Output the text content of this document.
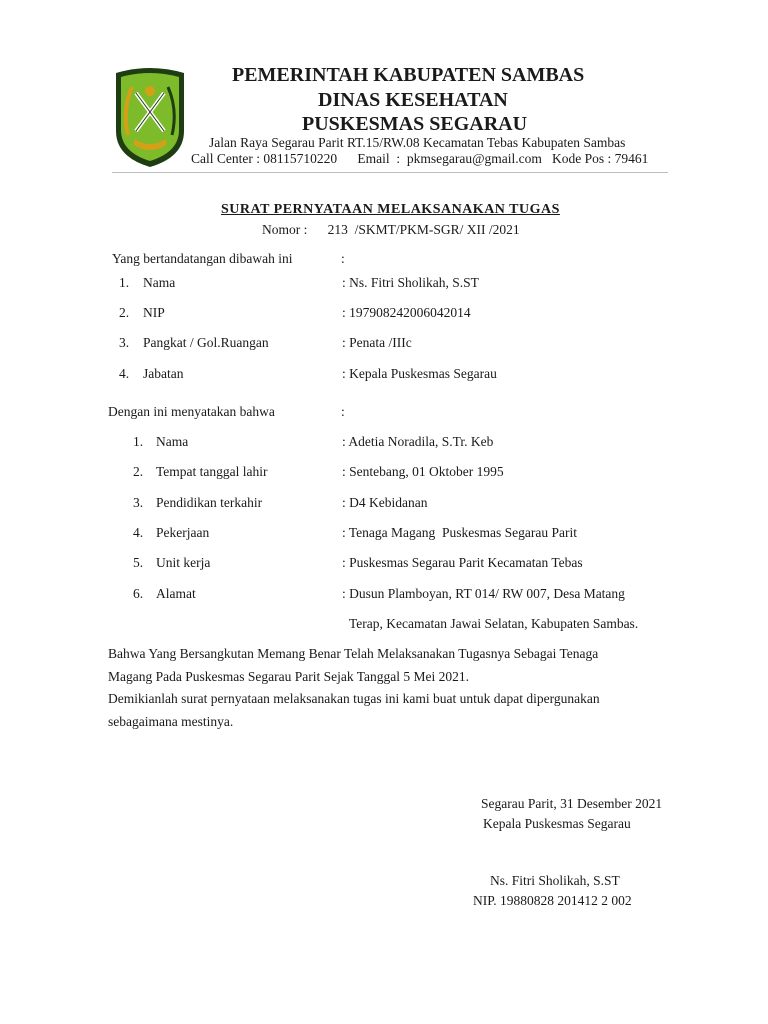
PEMERINTAH KABUPATEN SAMBAS
DINAS KESEHATAN
PUSKESMAS SEGARAU
Jalan Raya Segarau Parit RT.15/RW.08 Kecamatan Tebas Kabupaten Sambas
Call Center : 08115710220      Email  :  pkmsegarau@gmail.com   Kode Pos : 79461
SURAT PERNYATAAN MELAKSANAKAN TUGAS
Nomor :      213  /SKMT/PKM-SGR/ XII /2021
Yang bertandatangan dibawah ini	:
1. Nama	: Ns. Fitri Sholikah, S.ST
2. NIP	: 197908242006042014
3. Pangkat / Gol.Ruangan	: Penata /IIIc
4. Jabatan	: Kepala Puskesmas Segarau
Dengan ini menyatakan bahwa	:
1. Nama	: Adetia Noradila, S.Tr. Keb
2. Tempat tanggal lahir	: Sentebang, 01 Oktober 1995
3. Pendidikan terkahir	: D4 Kebidanan
4. Pekerjaan	: Tenaga Magang  Puskesmas Segarau Parit
5. Unit kerja	: Puskesmas Segarau Parit Kecamatan Tebas
6. Alamat	: Dusun Plamboyan, RT 014/ RW 007, Desa Matang
Terap, Kecamatan Jawai Selatan, Kabupaten Sambas.
Bahwa Yang Bersangkutan Memang Benar Telah Melaksanakan Tugasnya Sebagai Tenaga
Magang Pada Puskesmas Segarau Parit Sejak Tanggal 5 Mei 2021.
Demikianlah surat pernyataan melaksanakan tugas ini kami buat untuk dapat dipergunakan
sebagaimana mestinya.
Segarau Parit, 31 Desember 2021
Kepala Puskesmas Segarau
Ns. Fitri Sholikah, S.ST
NIP. 19880828 201412 2 002
